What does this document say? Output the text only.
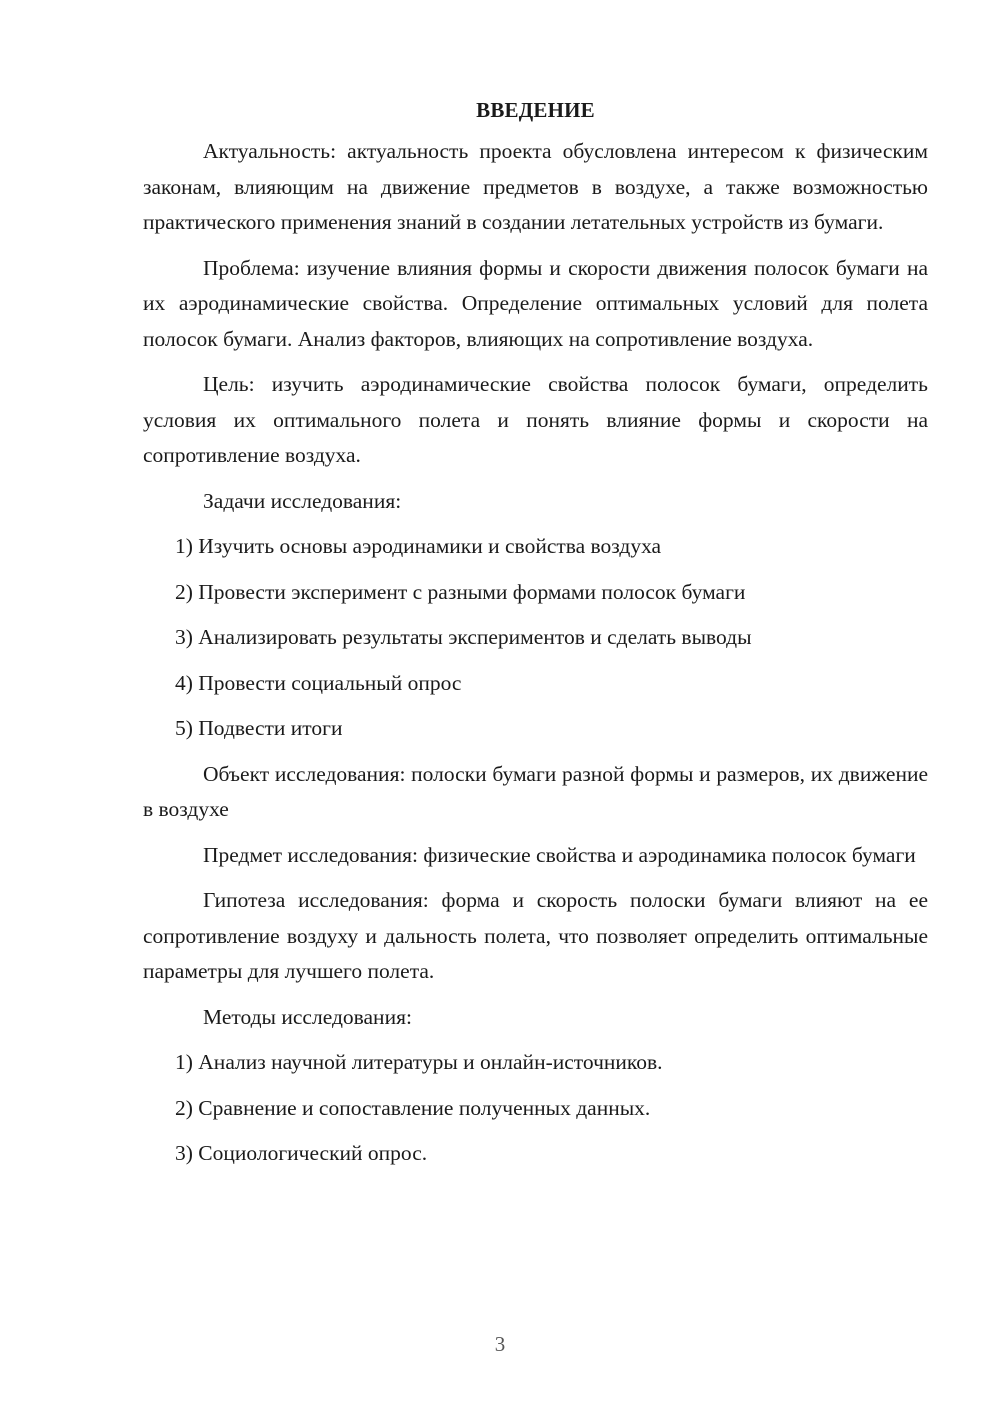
ВВЕДЕНИЕ

Актуальность: актуальность проекта обусловлена интересом к физическим законам, влияющим на движение предметов в воздухе, а также возможностью практического применения знаний в создании летательных устройств из бумаги.

Проблема: изучение влияния формы и скорости движения полосок бумаги на их аэродинамические свойства. Определение оптимальных условий для полета полосок бумаги. Анализ факторов, влияющих на сопротивление воздуха.

Цель: изучить аэродинамические свойства полосок бумаги, определить условия их оптимального полета и понять влияние формы и скорости на сопротивление воздуха.

Задачи исследования:

1) Изучить основы аэродинамики и свойства воздуха
2) Провести эксперимент с разными формами полосок бумаги
3) Анализировать результаты экспериментов и сделать выводы
4) Провести социальный опрос
5) Подвести итоги

Объект исследования: полоски бумаги разной формы и размеров, их движение в воздухе

Предмет исследования: физические свойства и аэродинамика полосок бумаги

Гипотеза исследования: форма и скорость полоски бумаги влияют на ее сопротивление воздуху и дальность полета, что позволяет определить оптимальные параметры для лучшего полета.

Методы исследования:

1) Анализ научной литературы и онлайн-источников.
2) Сравнение и сопоставление полученных данных.
3) Социологический опрос.
3
